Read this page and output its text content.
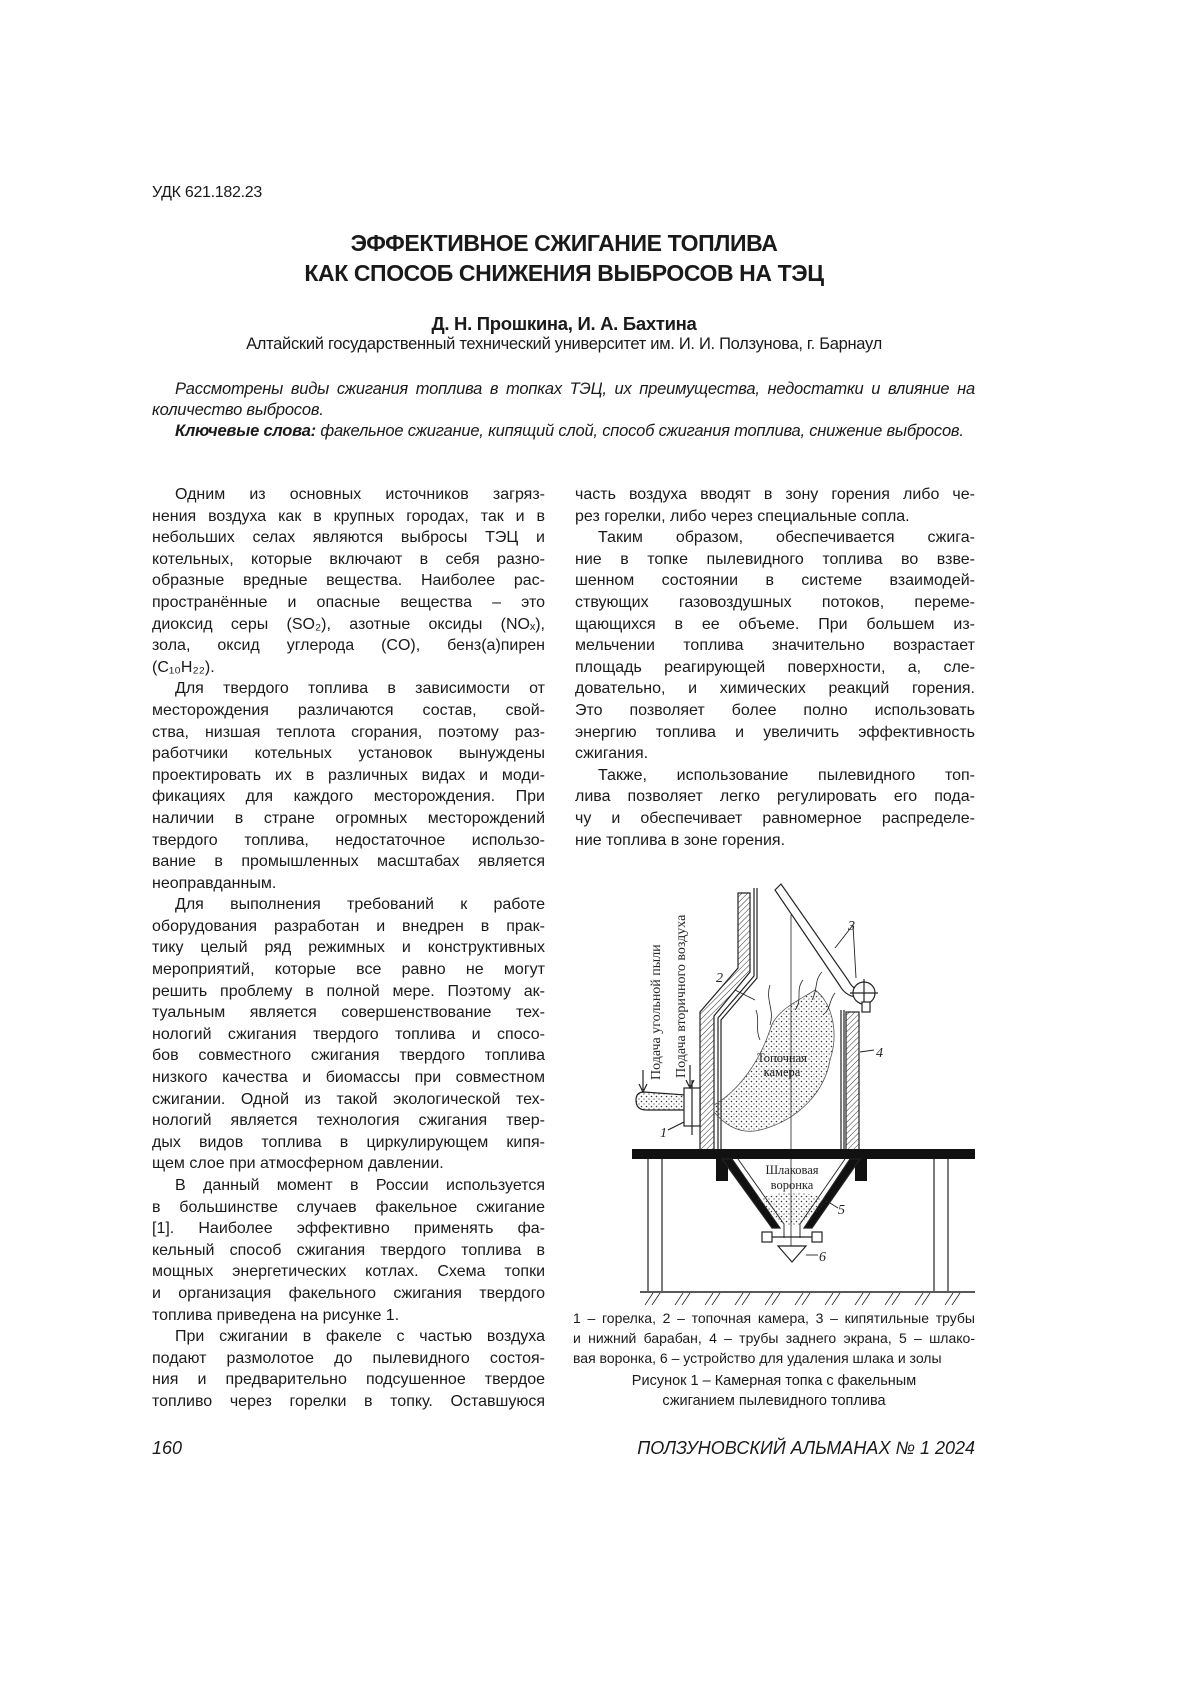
УДК 621.182.23
ЭФФЕКТИВНОЕ СЖИГАНИЕ ТОПЛИВА
КАК СПОСОБ СНИЖЕНИЯ ВЫБРОСОВ НА ТЭЦ
Д. Н. Прошкина, И. А. Бахтина
Алтайский государственный технический университет им. И. И. Ползунова, г. Барнаул
Рассмотрены виды сжигания топлива в топках ТЭЦ, их преимущества, недостатки и влияние на количество выбросов.
Ключевые слова: факельное сжигание, кипящий слой, способ сжигания топлива, снижение выбросов.
Одним из основных источников загряз-
нения воздуха как в крупных городах, так и в
небольших селах являются выбросы ТЭЦ и
котельных, которые включают в себя разно-
образные вредные вещества. Наиболее рас-
пространённые и опасные вещества – это
диоксид серы (SO₂), азотные оксиды (NOₓ),
зола, оксид углерода (CO), бенз(а)пирен
(C₁₀H₂₂).
Для твердого топлива в зависимости от
месторождения различаются состав, свой-
ства, низшая теплота сгорания, поэтому раз-
работчики котельных установок вынуждены
проектировать их в различных видах и моди-
фикациях для каждого месторождения. При
наличии в стране огромных месторождений
твердого топлива, недостаточное использо-
вание в промышленных масштабах является
неоправданным.
Для выполнения требований к работе
оборудования разработан и внедрен в прак-
тику целый ряд режимных и конструктивных
мероприятий, которые все равно не могут
решить проблему в полной мере. Поэтому ак-
туальным является совершенствование тех-
нологий сжигания твердого топлива и спосо-
бов совместного сжигания твердого топлива
низкого качества и биомассы при совместном
сжигании. Одной из такой экологической тех-
нологий является технология сжигания твер-
дых видов топлива в циркулирующем кипя-
щем слое при атмосферном давлении.
В данный момент в России используется
в большинстве случаев факельное сжигание
[1]. Наиболее эффективно применять фа-
кельный способ сжигания твердого топлива в
мощных энергетических котлах. Схема топки
и организация факельного сжигания твердого
топлива приведена на рисунке 1.
При сжигании в факеле с частью воздуха
подают размолотое до пылевидного состоя-
ния и предварительно подсушенное твердое
топливо через горелки в топку. Оставшуюся
часть воздуха вводят в зону горения либо че-
рез горелки, либо через специальные сопла.
Таким образом, обеспечивается сжига-
ние в топке пылевидного топлива во взве-
шенном состоянии в системе взаимодей-
ствующих газовоздушных потоков, переме-
щающихся в ее объеме. При большем из-
мельчении топлива значительно возрастает
площадь реагирующей поверхности, а, сле-
довательно, и химических реакций горения.
Это позволяет более полно использовать
энергию топлива и увеличить эффективность
сжигания.
Также, использование пылевидного топ-
лива позволяет легко регулировать его пода-
чу и обеспечивает равномерное распределе-
ние топлива в зоне горения.
Подача угольной пыли Подача вторичного воздуха	Топочная
камера
Шлаковая
воронка
1
2
3
4
5
6
1 – горелка, 2 – топочная камера, 3 – кипятильные трубы
и нижний барабан, 4 – трубы заднего экрана, 5 – шлако-
вая воронка, 6 – устройство для удаления шлака и золы
Рисунок 1 – Камерная топка с факельным
сжиганием пылевидного топлива
160	ПОЛЗУНОВСКИЙ АЛЬМАНАХ № 1 2024
